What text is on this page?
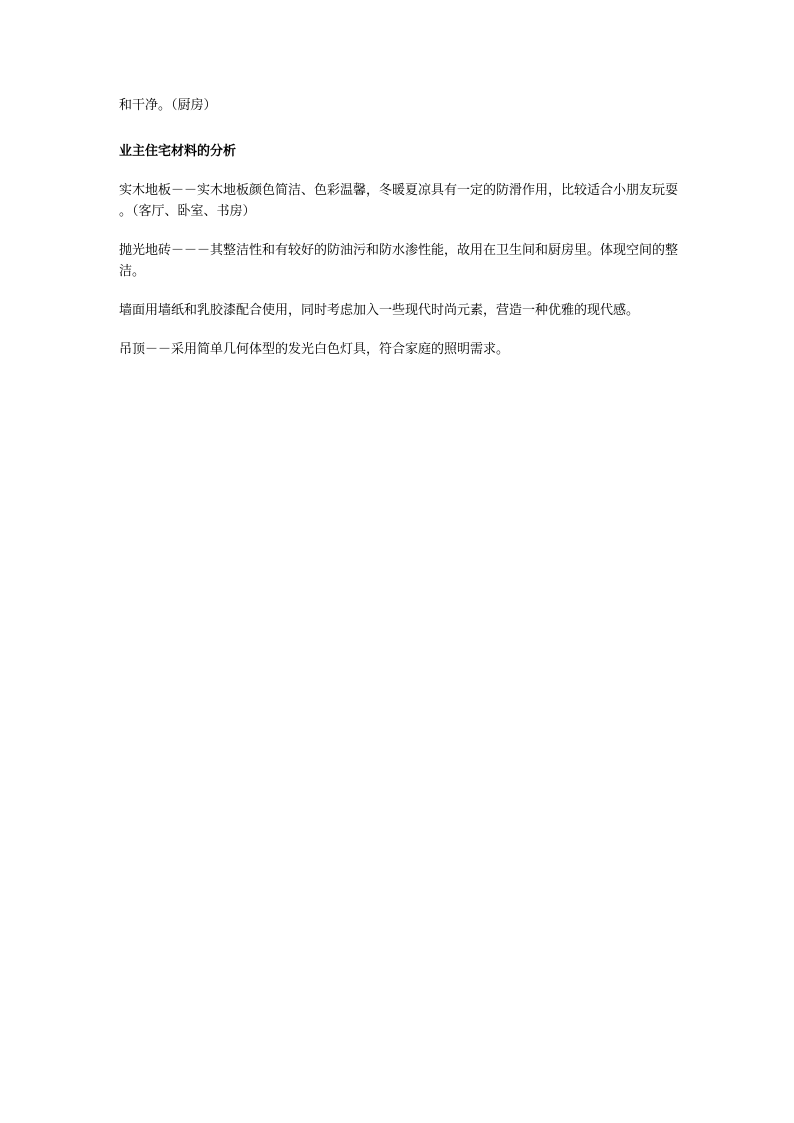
和干净。（厨房）

业主住宅材料的分析

实木地板－－实木地板颜色简洁、色彩温馨，冬暖夏凉具有一定的防滑作用，比较适合小朋友玩耍 。（客厅、卧室、书房）

抛光地砖－－－其整洁性和有较好的防油污和防水渗性能，故用在卫生间和厨房里。体现空间的整洁。

墙面用墙纸和乳胶漆配合使用，同时考虑加入一些现代时尚元素，营造一种优雅的现代感。

吊顶－－采用简单几何体型的发光白色灯具，符合家庭的照明需求。
